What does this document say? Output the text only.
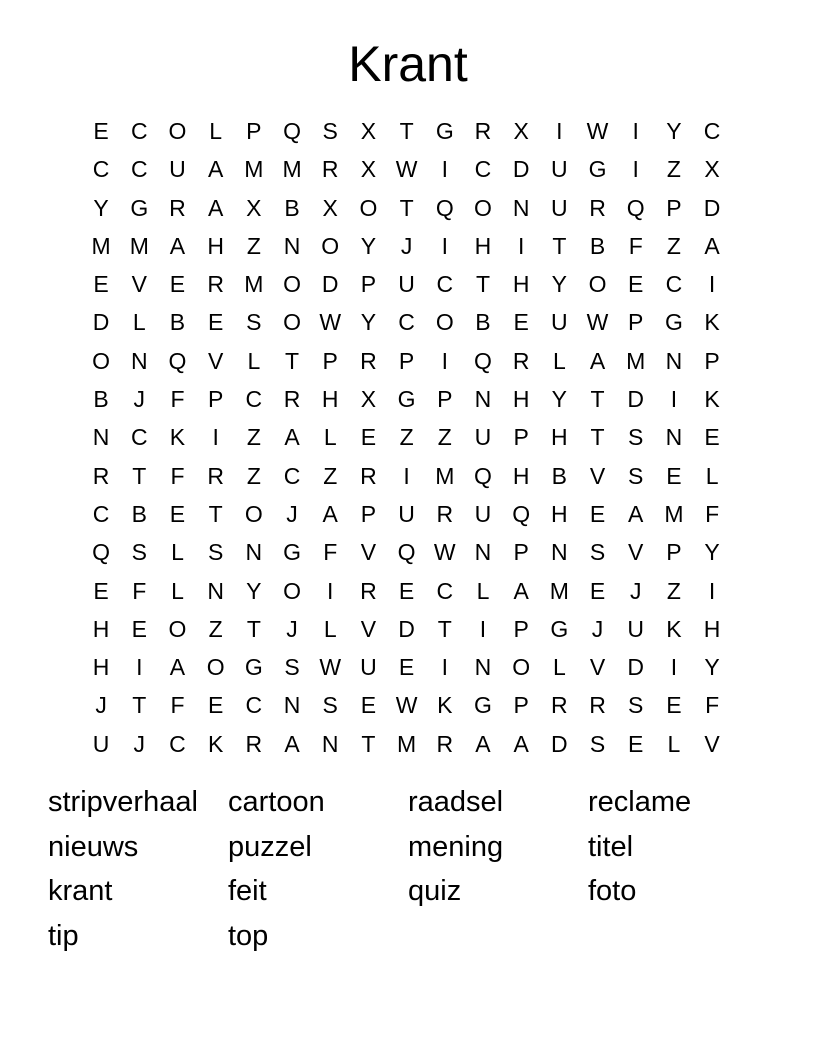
Krant
E C O L	P Q S X	T G R X	I	W	I	Y C
C C U A M M R X W	I	C D U G	I	Z	X
Y G R A X B X O T Q O N U R Q P D
M M A H Z N O Y	J	I	H	I	T	B	F	Z	A
E V E R M O D P U C T H Y O E C	I
D	L	B E S O W Y C O B E U W P G K
O N Q V	L	T	P R P	I	Q R	L	A M N P
B	J	F	P C R H X G P N H Y	T D	I	K
N C K	I	Z	A	L	E	Z	Z U P H T	S N E
R T	F R Z C Z R	I	M Q H B V S E	L
C B E	T O	J	A P U R U Q H E A M F
Q S	L	S N G F	V Q W N P N S V P Y
E	F	L	N Y O	I	R E C	L	A M E	J	Z	I
H E O Z	T	J	L	V D T	I	P G	J	U K H
H	I	A O G S W U E	I	N O L	V D	I	Y
J	T	F	E C N S E W K G P R R S E	F
U	J	C K R A N T M R A A D S E	L	V
stripverhaal	cartoon	raadsel	reclame
nieuws	puzzel	mening	titel
krant	feit	quiz	foto
tip	top
